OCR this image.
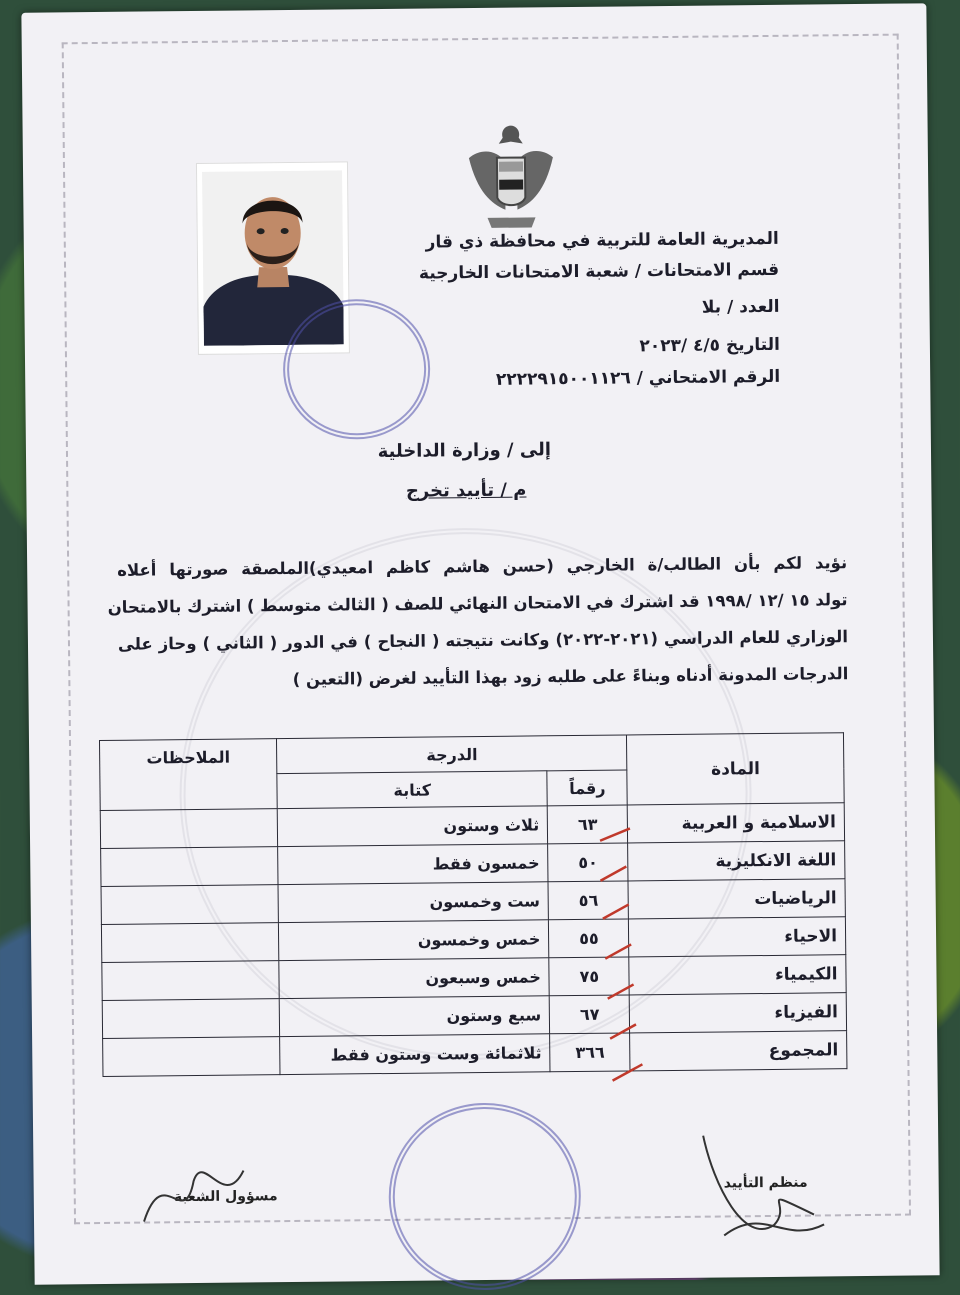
المديرية العامة للتربية في محافظة ذي قار
قسم الامتحانات / شعبة الامتحانات الخارجية
العدد / بلا
التاريخ ٤/٥ /٢٠٢٣
الرقم الامتحاني / ٢٢٢٢٩١٥٠٠١١٢٦
إلى / وزارة الداخلية
م / تأييد تخرج
نؤيد لكم بأن الطالب/ة الخارجي (حسن هاشم كاظم امعيدي)الملصقة صورتها أعلاه
تولد ١٥ /١٢ /١٩٩٨ قد اشترك في الامتحان النهائي للصف ( الثالث متوسط ) اشترك بالامتحان
الوزاري للعام الدراسي (٢٠٢١-٢٠٢٢) وكانت نتيجته ( النجاح ) في الدور ( الثاني ) وحاز على
الدرجات المدونة أدناه وبناءً على طلبه زود بهذا التأييد لغرض (التعين )
المادة	الدرجة		الملاحظات
	رقماً	كتابة	
الاسلامية و العربية	٦٣	ثلاث وستون	
اللغة الانكليزية	٥٠	خمسون فقط	
الرياضيات	٥٦	ست وخمسون	
الاحياء	٥٥	خمس وخمسون	
الكيمياء	٧٥	خمس وسبعون	
الفيزياء	٦٧	سبع وستون	
المجموع	٣٦٦	ثلاثمائة وست وستون فقط	
مسؤول الشعبة
منظم التأييد
